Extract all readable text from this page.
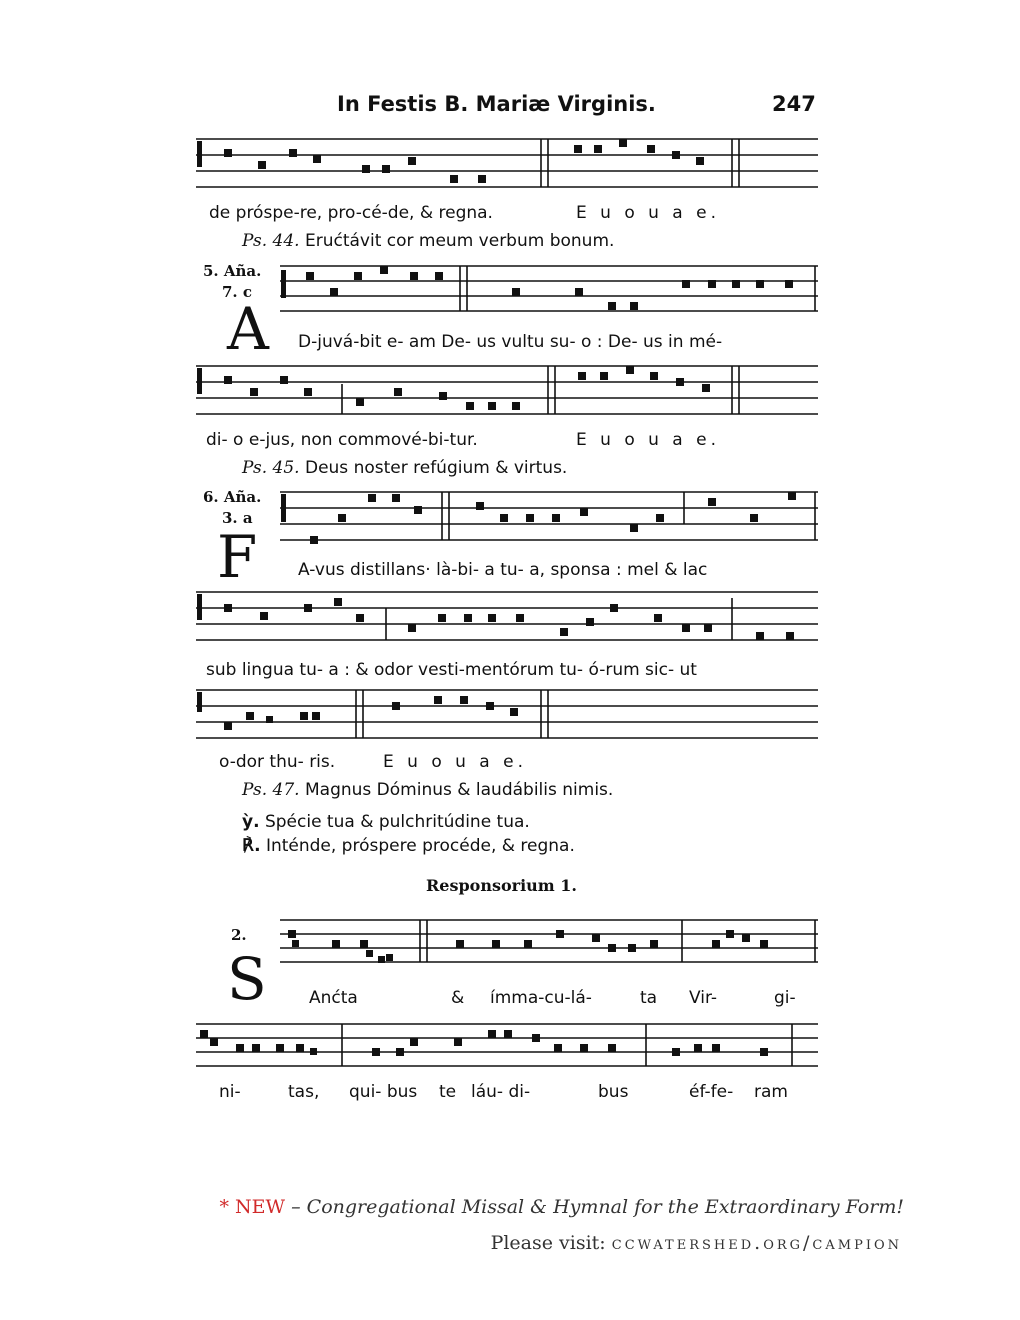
In Festis B. Mariæ Virginis.	247
de próspe-re, pro-cé-de, & regna.	E u o u a e.
Ps. 44. Erućtávit cor meum verbum bonum.
5. Aña.
7. c
A D-juvá-bit e- am De- us vultu su- o : De- us in mé-
di- o e-jus, non commové-bi-tur.	E u o u a e.
Ps. 45. Deus noster refúgium & virtus.
6. Aña.
3. a
F A-vus distillans· là-bi- a tu- a, sponsa : mel & lac
sub lingua tu- a : & odor vesti-mentórum tu- ó-rum sic- ut
o-dor thu- ris.	E u o u a e.
Ps. 47. Magnus Dóminus & laudábilis nimis.
ỳ. Spécie tua & pulchritúdine tua.
℟. Inténde, próspere procéde, & regna.
Responsorium 1.
2.
S Anćta	& ímma-cu-lá-	ta Vir-	gi-
ni-	tas, qui- bus te láu- di-	bus	éf-fe- ram
* NEW – Congregational Missal & Hymnal for the Extraordinary Form!
Please visit: ccwatershed.org/campion
